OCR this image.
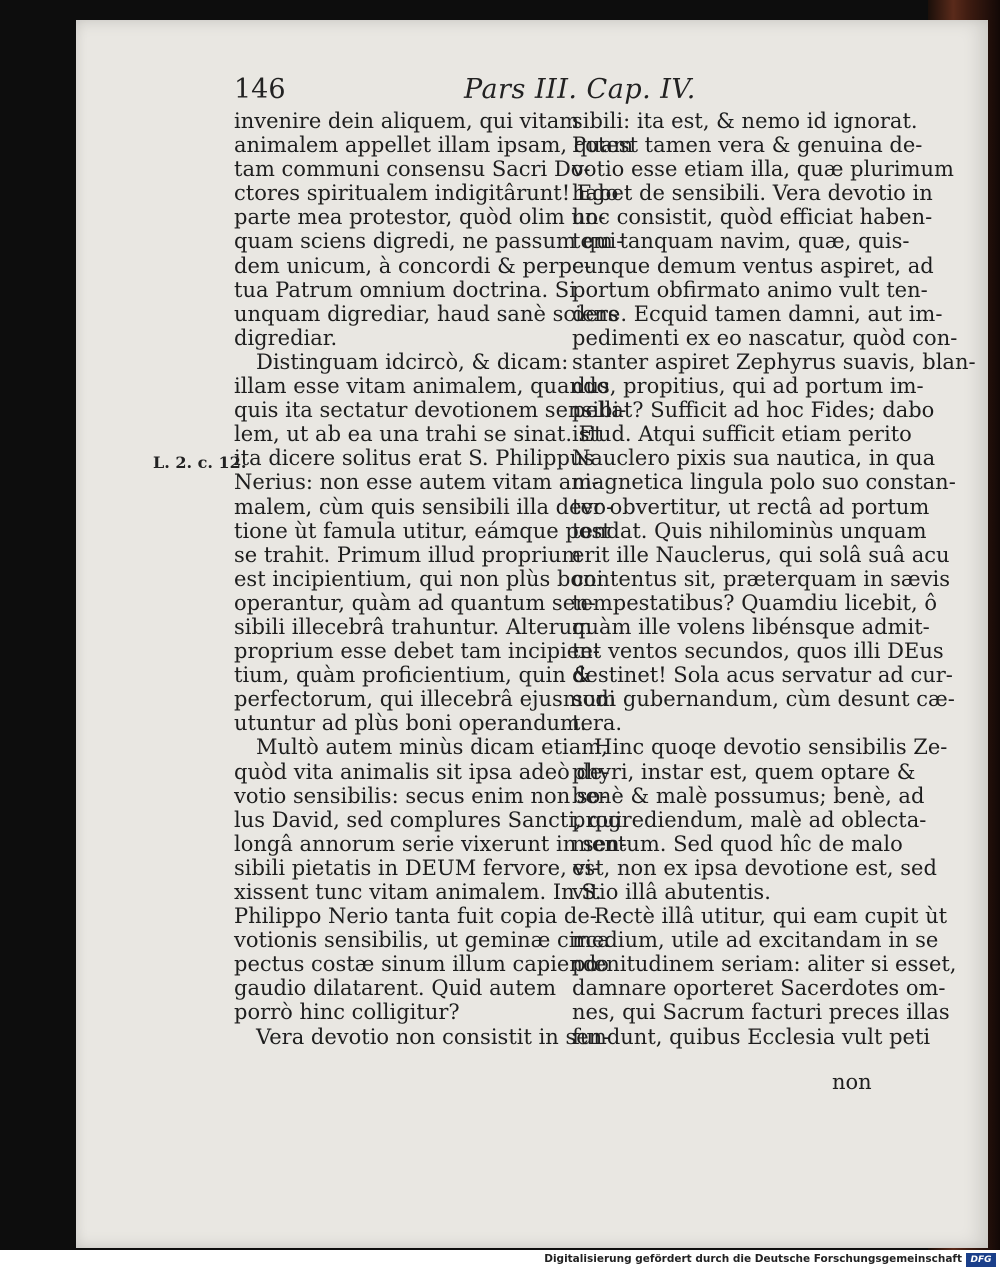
146	Pars III. Cap. IV.
L. 2. c. 12.
invenire dein aliquem, qui vitam
animalem appellet illam ipsam, quam
tam communi consensu Sacri Do-
ctores spiritualem indigitârunt! Ego
parte mea protestor, quòd olim un-
quam sciens digredi, ne passum qui-
dem unicum, à concordi & perpe-
tua Patrum omnium doctrina. Si
unquam digrediar, haud sanè sciens
digrediar.
Distinguam idcircò, & dicam:
illam esse vitam animalem, quando
quis ita sectatur devotionem sensibi-
lem, ut ab ea una trahi se sinat. Et
ita dicere solitus erat S. Philippus
Nerius: non esse autem vitam ani-
malem, cùm quis sensibili illa devo-
tione ùt famula utitur, eámque post
se trahit. Primum illud proprium
est incipientium, qui non plùs boni
operantur, quàm ad quantum sen-
sibili illecebrâ trahuntur. Alterum
proprium esse debet tam incipien-
tium, quàm proficientium, quin &
perfectorum, qui illecebrâ ejusmodi
utuntur ad plùs boni operandum.
Multò autem minùs dicam etiam,
quòd vita animalis sit ipsa adeò de-
votio sensibilis: secus enim non so-
lus David, sed complures Sancti, qui
longâ annorum serie vixerunt in sen-
sibili pietatis in DEUM fervore, vi-
xissent tunc vitam animalem. In S.
Philippo Nerio tanta fuit copia de-
votionis sensibilis, ut geminæ circa
pectus costæ sinum illum capiendo
gaudio dilatarent. Quid autem
porrò hinc colligitur?
Vera devotio non consistit in sen-
sibili: ita est, & nemo id ignorat.
Potest tamen vera & genuina de-
votio esse etiam illa, quæ plurimum
habet de sensibili. Vera devotio in
hoc consistit, quòd efficiat haben-
tem tanquam navim, quæ, quis-
cunque demum ventus aspiret, ad
portum obfirmato animo vult ten-
dere. Ecquid tamen damni, aut im-
pedimenti ex eo nascatur, quòd con-
stanter aspiret Zephyrus suavis, blan-
dus, propitius, qui ad portum im-
pellat? Sufficit ad hoc Fides; dabo
istud. Atqui sufficit etiam perito
Nauclero pixis sua nautica, in qua
magnetica lingula polo suo constan-
ter obvertitur, ut rectâ ad portum
tendat. Quis nihilominùs unquam
erit ille Nauclerus, qui solâ suâ acu
contentus sit, præterquam in sævis
tempestatibus? Quamdiu licebit, ô
quàm ille volens libénsque admit-
tet ventos secundos, quos illi DEus
destinet! Sola acus servatur ad cur-
sum gubernandum, cùm desunt cæ-
tera.
Hinc quoqe devotio sensibilis Ze-
phyri, instar est, quem optare &
benè & malè possumus; benè, ad
progrediendum, malè ad oblecta-
mentum. Sed quod hîc de malo
est, non ex ipsa devotione est, sed
vitio illâ abutentis.
Rectè illâ utitur, qui eam cupit ùt
medium, utile ad excitandam in se
pœnitudinem seriam: aliter si esset,
damnare oporteret Sacerdotes om-
nes, qui Sacrum facturi preces illas
fundunt, quibus Ecclesia vult peti
non
Digitalisierung gefördert durch die Deutsche Forschungsgemeinschaft DFG
